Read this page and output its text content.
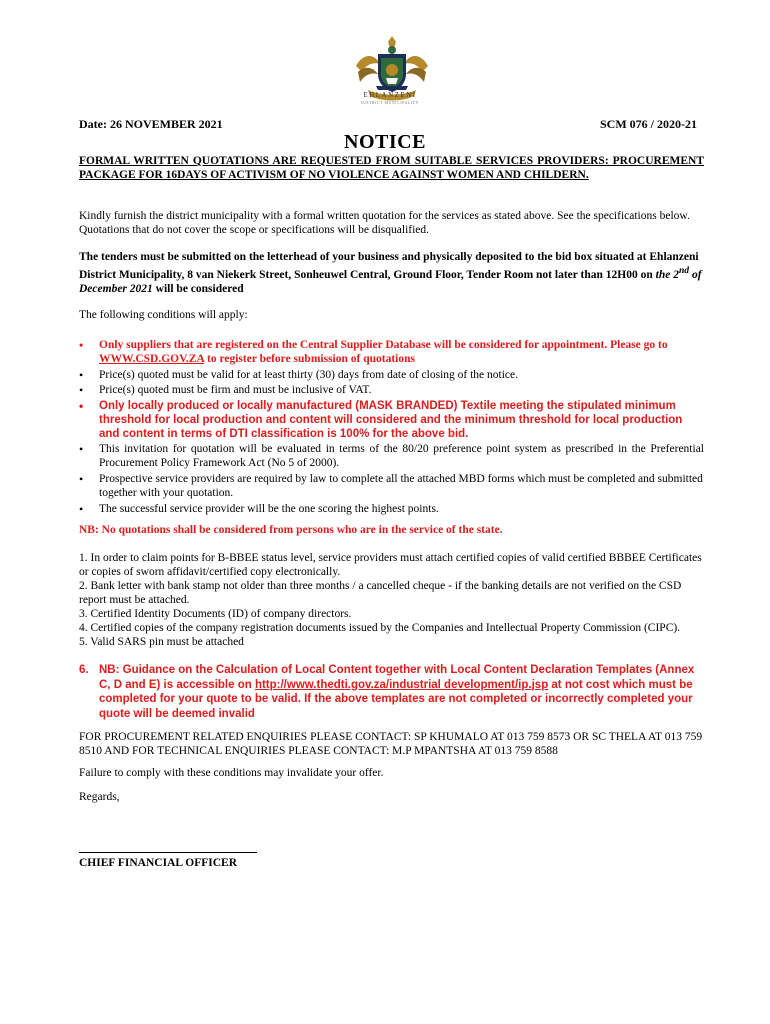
EHLANZENI
DISTRICT MUNICIPALITY
Date: 26 NOVEMBER 2021	SCM 076 / 2020-21
NOTICE
FORMAL WRITTEN QUOTATIONS ARE REQUESTED FROM SUITABLE SERVICES PROVIDERS: PROCUREMENT PACKAGE FOR 16DAYS OF ACTIVISM OF NO VIOLENCE AGAINST WOMEN AND CHILDERN.
Kindly furnish the district municipality with a formal written quotation for the services as stated above. See the specifications below. Quotations that do not cover the scope or specifications will be disqualified.
The tenders must be submitted on the letterhead of your business and physically deposited to the bid box situated at Ehlanzeni District Municipality, 8 van Niekerk Street, Sonheuwel Central, Ground Floor, Tender Room not later than 12H00 on the 2nd of December 2021 will be considered
The following conditions will apply:
• Only suppliers that are registered on the Central Supplier Database will be considered for appointment. Please go to WWW.CSD.GOV.ZA to register before submission of quotations
• Price(s) quoted must be valid for at least thirty (30) days from date of closing of the notice.
• Price(s) quoted must be firm and must be inclusive of VAT.
• Only locally produced or locally manufactured (MASK BRANDED) Textile meeting the stipulated minimum threshold for local production and content will considered and the minimum threshold for local production and content in terms of DTI classification is 100% for the above bid.
• This invitation for quotation will be evaluated in terms of the 80/20 preference point system as prescribed in the Preferential Procurement Policy Framework Act (No 5 of 2000).
• Prospective service providers are required by law to complete all the attached MBD forms which must be completed and submitted together with your quotation.
• The successful service provider will be the one scoring the highest points.
NB: No quotations shall be considered from persons who are in the service of the state.
1. In order to claim points for B-BBEE status level, service providers must attach certified copies of valid certified BBBEE Certificates or copies of sworn affidavit/certified copy electronically.
2. Bank letter with bank stamp not older than three months / a cancelled cheque - if the banking details are not verified on the CSD report must be attached.
3. Certified Identity Documents (ID) of company directors.
4. Certified copies of the company registration documents issued by the Companies and Intellectual Property Commission (CIPC).
5. Valid SARS pin must be attached
6. NB: Guidance on the Calculation of Local Content together with Local Content Declaration Templates (Annex C, D and E) is accessible on http://www.thedti.gov.za/industrial development/ip.jsp at not cost which must be completed for your quote to be valid. If the above templates are not completed or incorrectly completed your quote will be deemed invalid
FOR PROCUREMENT RELATED ENQUIRIES PLEASE CONTACT: SP KHUMALO AT 013 759 8573 OR SC THELA AT 013 759 8510 AND FOR TECHNICAL ENQUIRIES PLEASE CONTACT: M.P MPANTSHA AT 013 759 8588
Failure to comply with these conditions may invalidate your offer.
Regards,
CHIEF FINANCIAL OFFICER
